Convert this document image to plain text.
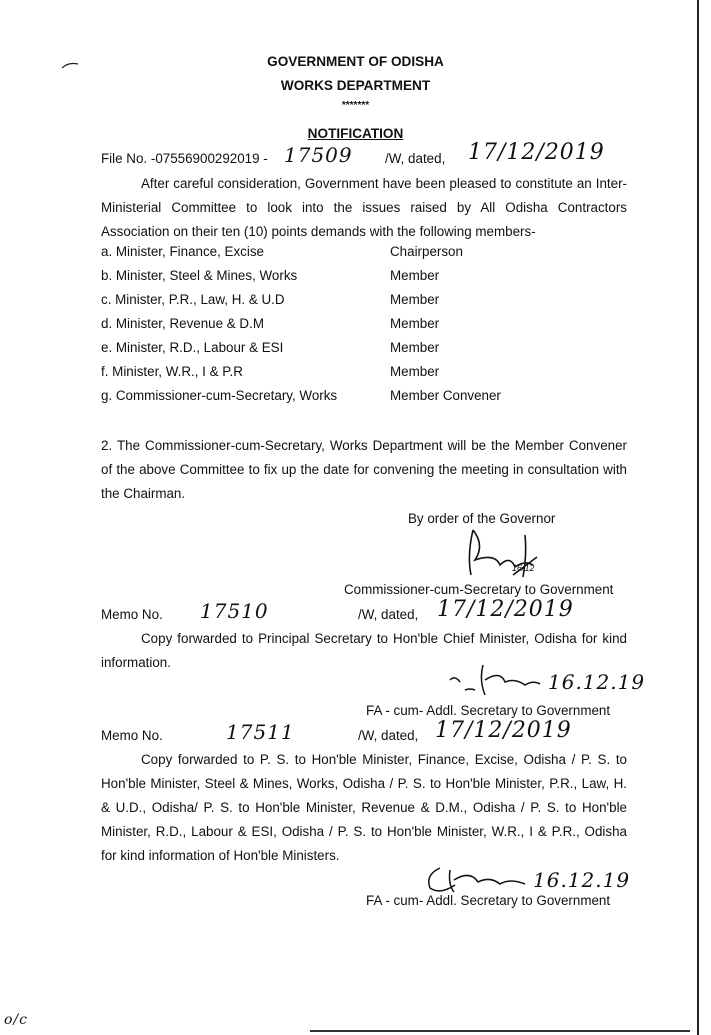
GOVERNMENT OF ODISHA
WORKS DEPARTMENT
*******
NOTIFICATION
File No. -07556900292019 - 17509 /W, dated, 17/12/2019
After careful consideration, Government have been pleased to constitute an Inter-Ministerial Committee to look into the issues raised by All Odisha Contractors Association on their ten (10) points demands with the following members-
a. Minister, Finance, Excise	Chairperson
b. Minister, Steel & Mines, Works	Member
c. Minister, P.R., Law, H. & U.D	Member
d. Minister, Revenue & D.M	Member
e. Minister, R.D., Labour & ESI	Member
f. Minister, W.R., I & P.R	Member
g. Commissioner-cum-Secretary, Works	Member Convener
2. The Commissioner-cum-Secretary, Works Department will be the Member Convener of the above Committee to fix up the date for convening the meeting in consultation with the Chairman.
By order of the Governor
16/12
Commissioner-cum-Secretary to Government
Memo No. 17510	/W, dated, 17/12/2019
Copy forwarded to Principal Secretary to Hon'ble Chief Minister, Odisha for kind information.
16.12.19
FA - cum- Addl. Secretary to Government
Memo No.	17511	/W, dated, 17/12/2019
Copy forwarded to P. S. to Hon'ble Minister, Finance, Excise, Odisha / P. S. to Hon'ble Minister, Steel & Mines, Works, Odisha / P. S. to Hon'ble Minister, P.R., Law, H. & U.D., Odisha/ P. S. to Hon'ble Minister, Revenue & D.M., Odisha / P. S. to Hon'ble Minister, R.D., Labour & ESI, Odisha / P. S. to Hon'ble Minister, W.R., I & P.R., Odisha for kind information of Hon'ble Ministers.
16.12.19
FA - cum- Addl. Secretary to Government
o/c
